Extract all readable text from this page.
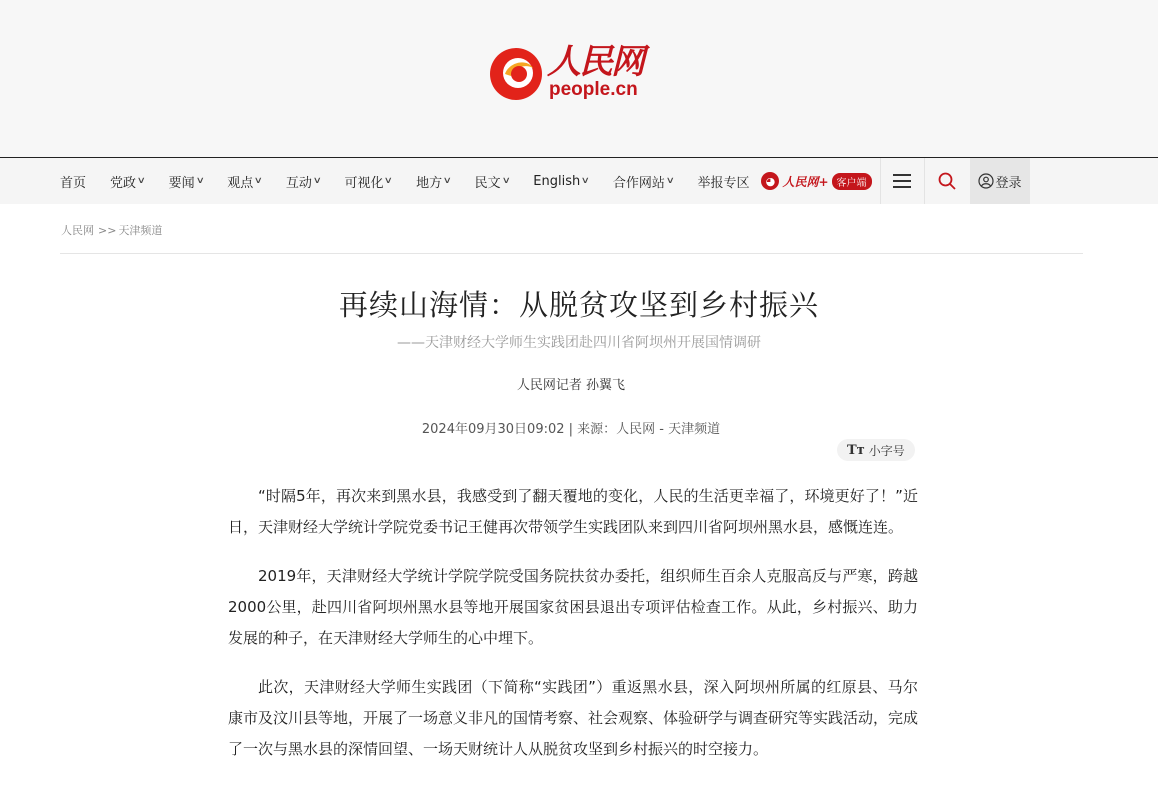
人民网
people.cn
首页 党政 ∨ 要闻 ∨ 观点 ∨ 互动 ∨ 可视化 ∨ 地方 ∨ 民文 ∨ English ∨ 合作网站 ∨ 举报专区	◕ 人民网+ 客户端	登录
人民网 >> 天津频道
再续山海情：从脱贫攻坚到乡村振兴
——天津财经大学师生实践团赴四川省阿坝州开展国情调研
人民网记者 孙翼飞
2024年09月30日09:02 | 来源：人民网 - 天津频道
Tт 小字号

“时隔5年，再次来到黑水县，我感受到了翻天覆地的变化，人民的生活更幸福了，环境更好了！”近日，天津财经大学统计学院党委书记王健再次带领学生实践团队来到四川省阿坝州黑水县，感慨连连。

2019年，天津财经大学统计学院学院受国务院扶贫办委托，组织师生百余人克服高反与严寒，跨越2000公里，赴四川省阿坝州黑水县等地开展国家贫困县退出专项评估检查工作。从此，乡村振兴、助力发展的种子，在天津财经大学师生的心中埋下。

此次，天津财经大学师生实践团（下简称“实践团”）重返黑水县，深入阿坝州所属的红原县、马尔康市及汶川县等地，开展了一场意义非凡的国情考察、社会观察、体验研学与调查研究等实践活动，完成了一次与黑水县的深情回望、一场天财统计人从脱贫攻坚到乡村振兴的时空接力。
